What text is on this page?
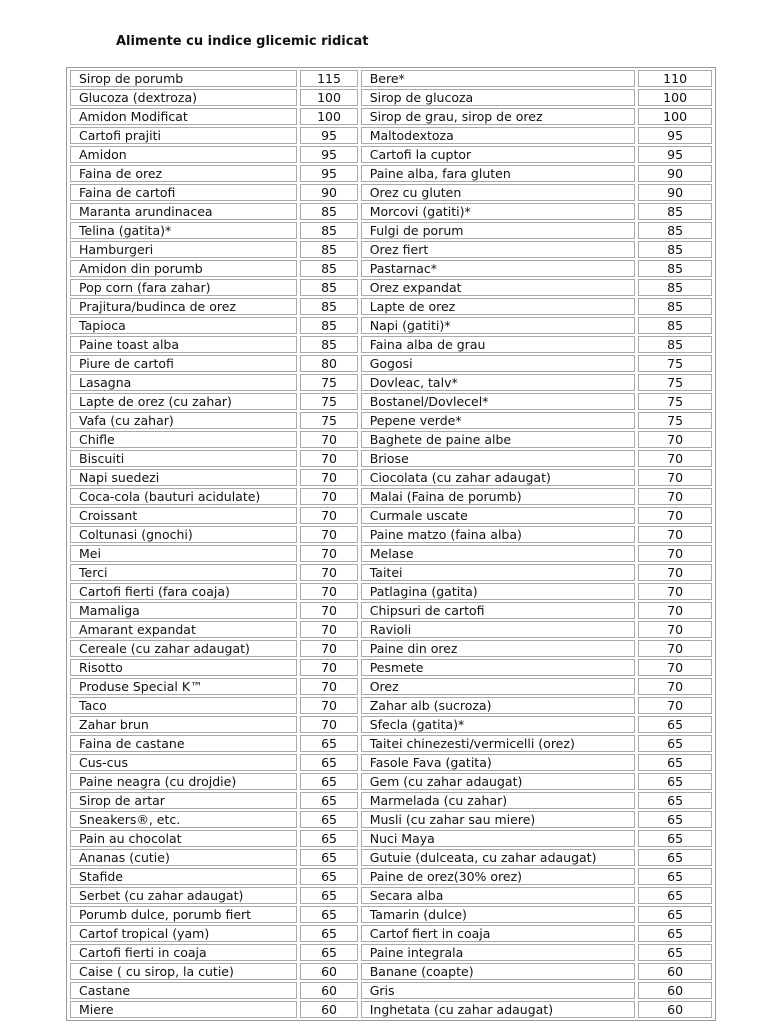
Alimente cu indice glicemic ridicat
Sirop de porumb	115	Bere*	110
Glucoza (dextroza)	100	Sirop de glucoza	100
Amidon Modificat	100	Sirop de grau, sirop de orez	100
Cartofi prajiti	95	Maltodextoza	95
Amidon	95	Cartofi la cuptor	95
Faina de orez	95	Paine alba, fara gluten	90
Faina de cartofi	90	Orez cu gluten	90
Maranta arundinacea	85	Morcovi (gatiti)*	85
Telina (gatita)*	85	Fulgi de porum	85
Hamburgeri	85	Orez fiert	85
Amidon din porumb	85	Pastarnac*	85
Pop corn (fara zahar)	85	Orez expandat	85
Prajitura/budinca de orez	85	Lapte de orez	85
Tapioca	85	Napi (gatiti)*	85
Paine toast alba	85	Faina alba de grau	85
Piure de cartofi	80	Gogosi	75
Lasagna	75	Dovleac, talv*	75
Lapte de orez (cu zahar)	75	Bostanel/Dovlecel*	75
Vafa (cu zahar)	75	Pepene verde*	75
Chifle	70	Baghete de paine albe	70
Biscuiti	70	Briose	70
Napi suedezi	70	Ciocolata (cu zahar adaugat)	70
Coca-cola (bauturi acidulate)	70	Malai (Faina de porumb)	70
Croissant	70	Curmale uscate	70
Coltunasi (gnochi)	70	Paine matzo (faina alba)	70
Mei	70	Melase	70
Terci	70	Taitei	70
Cartofi fierti (fara coaja)	70	Patlagina (gatita)	70
Mamaliga	70	Chipsuri de cartofi	70
Amarant expandat	70	Ravioli	70
Cereale (cu zahar adaugat)	70	Paine din orez	70
Risotto	70	Pesmete	70
Produse Special K™	70	Orez	70
Taco	70	Zahar alb (sucroza)	70
Zahar brun	70	Sfecla (gatita)*	65
Faina de castane	65	Taitei chinezesti/vermicelli (orez)	65
Cus-cus	65	Fasole Fava (gatita)	65
Paine neagra (cu drojdie)	65	Gem (cu zahar adaugat)	65
Sirop de artar	65	Marmelada (cu zahar)	65
Sneakers®, etc.	65	Musli (cu zahar sau miere)	65
Pain au chocolat	65	Nuci Maya	65
Ananas (cutie)	65	Gutuie (dulceata, cu zahar adaugat)	65
Stafide	65	Paine de orez(30% orez)	65
Serbet (cu zahar adaugat)	65	Secara alba	65
Porumb dulce, porumb fiert	65	Tamarin (dulce)	65
Cartof tropical (yam)	65	Cartof fiert in coaja	65
Cartofi fierti in coaja	65	Paine integrala	65
Caise ( cu sirop, la cutie)	60	Banane (coapte)	60
Castane	60	Gris	60
Miere	60	Inghetata (cu zahar adaugat)	60
